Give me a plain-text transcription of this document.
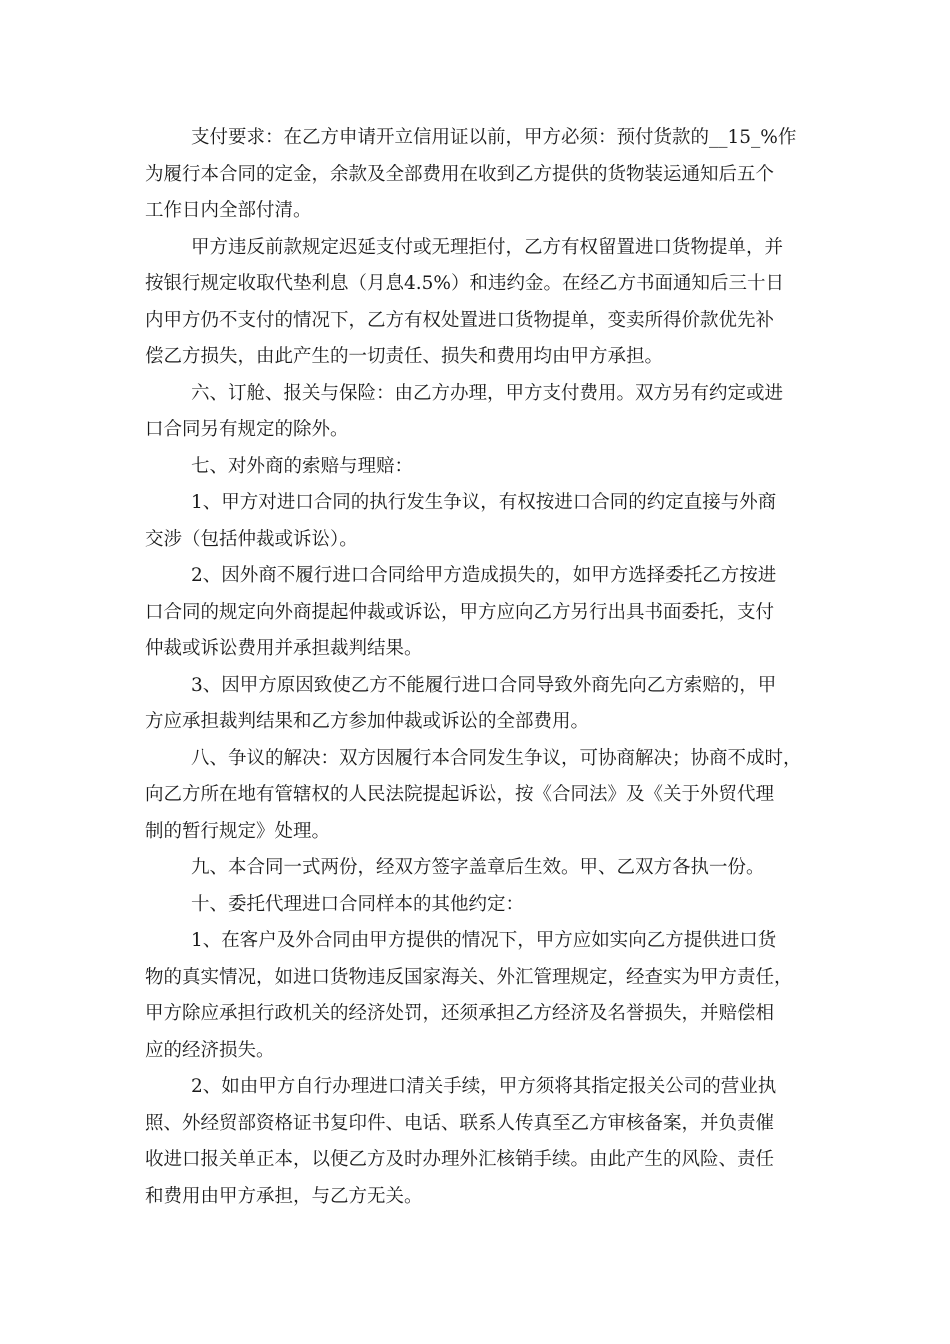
支付要求：在乙方申请开立信用证以前，甲方必须：预付货款的__15_%作
为履行本合同的定金，余款及全部费用在收到乙方提供的货物装运通知后五个
工作日内全部付清。
甲方违反前款规定迟延支付或无理拒付，乙方有权留置进口货物提单，并
按银行规定收取代垫利息（月息4.5%）和违约金。在经乙方书面通知后三十日
内甲方仍不支付的情况下，乙方有权处置进口货物提单，变卖所得价款优先补
偿乙方损失，由此产生的一切责任、损失和费用均由甲方承担。
六、订舱、报关与保险：由乙方办理，甲方支付费用。双方另有约定或进
口合同另有规定的除外。
七、对外商的索赔与理赔：
1、甲方对进口合同的执行发生争议，有权按进口合同的约定直接与外商
交涉（包括仲裁或诉讼）。
2、因外商不履行进口合同给甲方造成损失的，如甲方选择委托乙方按进
口合同的规定向外商提起仲裁或诉讼，甲方应向乙方另行出具书面委托，支付
仲裁或诉讼费用并承担裁判结果。
3、因甲方原因致使乙方不能履行进口合同导致外商先向乙方索赔的，甲
方应承担裁判结果和乙方参加仲裁或诉讼的全部费用。
八、争议的解决：双方因履行本合同发生争议，可协商解决；协商不成时，
向乙方所在地有管辖权的人民法院提起诉讼，按《合同法》及《关于外贸代理
制的暂行规定》处理。
九、本合同一式两份，经双方签字盖章后生效。甲、乙双方各执一份。
十、委托代理进口合同样本的其他约定：
1、在客户及外合同由甲方提供的情况下，甲方应如实向乙方提供进口货
物的真实情况，如进口货物违反国家海关、外汇管理规定，经查实为甲方责任，
甲方除应承担行政机关的经济处罚，还须承担乙方经济及名誉损失，并赔偿相
应的经济损失。
2、如由甲方自行办理进口清关手续，甲方须将其指定报关公司的营业执
照、外经贸部资格证书复印件、电话、联系人传真至乙方审核备案，并负责催
收进口报关单正本，以便乙方及时办理外汇核销手续。由此产生的风险、责任
和费用由甲方承担，与乙方无关。
